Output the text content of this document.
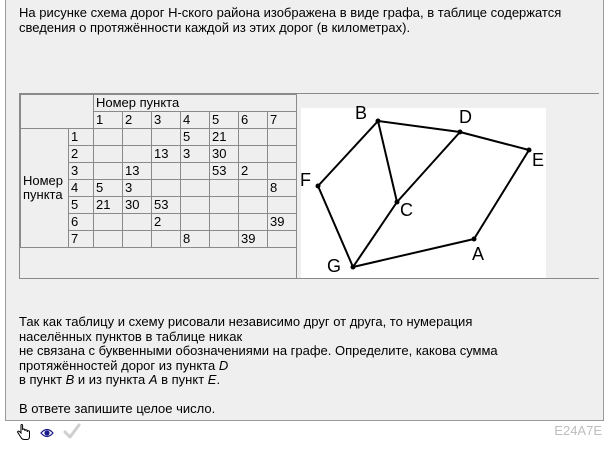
На рисунке схема дорог Н-ского района изображена в виде графа, в таблице содержатся сведения о протяжённости каждой из этих дорог (в километрах).

		Номер пункта						
		1	2	3	4	5	6	7

Номер
пункта	1				5	21		
	2			13	3	30		
	3		13			53	2	
	4	5	3					8
	5	21	30	53				
	6			2				39
	7				8		39	
B	D
E
F
C
A
G
Так как таблицу и схему рисовали независимо друг от друга, то нумерация
населённых пунктов в таблице никак
не связана с буквенными обозначениями на графе. Определите, какова сумма
протяжённостей дорог из пункта D
в пункт B и из пункта A в пункт E.

В ответе запишите целое число.

E24A7E
